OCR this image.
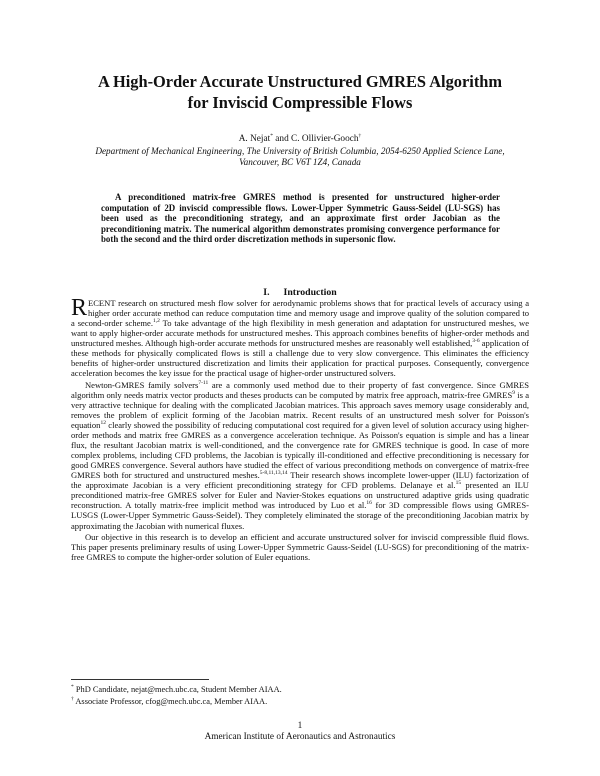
A High-Order Accurate Unstructured GMRES Algorithm
for Inviscid Compressible Flows
A. Nejat* and C. Ollivier-Gooch†
Department of Mechanical Engineering, The University of British Columbia, 2054-6250 Applied Science Lane,
Vancouver, BC V6T 1Z4, Canada
A preconditioned matrix-free GMRES method is presented for unstructured higher-order computation of 2D inviscid compressible flows. Lower-Upper Symmetric Gauss-Seidel (LU-SGS) has been used as the preconditioning strategy, and an approximate first order Jacobian as the preconditioning matrix. The numerical algorithm demonstrates promising convergence performance for both the second and the third order discretization methods in supersonic flow.
I. Introduction

RECENT research on structured mesh flow solver for aerodynamic problems shows that for practical levels of accuracy using a higher order accurate method can reduce computation time and memory usage and improve quality of the solution compared to a second-order scheme.$^{1,2}$ To take advantage of the high flexibility in mesh generation and adaptation for unstructured meshes, we want to apply higher-order accurate methods for unstructured meshes. This approach combines benefits of higher-order methods and unstructured meshes. Although high-order accurate methods for unstructured meshes are reasonably well established,$^{3-6}$ application of these methods for physically complicated flows is still a challenge due to very slow convergence. This eliminates the efficiency benefits of higher-order unstructured discretization and limits their application for practical purposes. Consequently, convergence acceleration becomes the key issue for the practical usage of higher-order unstructured solvers.

Newton-GMRES family solvers$^{7-11}$ are a commonly used method due to their property of fast convergence. Since GMRES algorithm only needs matrix vector products and theses products can be computed by matrix free approach, matrix-free GMRES$^9$ is a very attractive technique for dealing with the complicated Jacobian matrices. This approach saves memory usage considerably and, removes the problem of explicit forming of the Jacobian matrix. Recent results of an unstructured mesh solver for Poisson's equation$^{12}$ clearly showed the possibility of reducing computational cost required for a given level of solution accuracy using higher-order methods and matrix free GMRES as a convergence acceleration technique. As Poisson's equation is simple and has a linear flux, the resultant Jacobian matrix is well-conditioned, and the convergence rate for GMRES technique is good. In case of more complex problems, including CFD problems, the Jacobian is typically ill-conditioned and effective preconditioning is necessary for good GMRES convergence. Several authors have studied the effect of various preconditiong methods on convergence of matrix-free GMRES both for structured and unstructured meshes.$^{5-8,11,13,14}$ Their research shows incomplete lower-upper (ILU) factorization of the approximate Jacobian is a very efficient preconditioning strategy for CFD problems. Delanaye et al.$^{15}$ presented an ILU preconditioned matrix-free GMRES solver for Euler and Navier-Stokes equations on unstructured adaptive grids using quadratic reconstruction. A totally matrix-free implicit method was introduced by Luo et al.$^{16}$ for 3D compressible flows using GMRES-LUSGS (Lower-Upper Symmetric Gauss-Seidel). They completely eliminated the storage of the preconditioning Jacobian matrix by approximating the Jacobian with numerical fluxes.

Our objective in this research is to develop an efficient and accurate unstructured solver for inviscid compressible fluid flows. This paper presents preliminary results of using Lower-Upper Symmetric Gauss-Seidel (LU-SGS) for preconditioning of the matrix-free GMRES to compute the higher-order solution of Euler equations.

* PhD Candidate, nejat@mech.ubc.ca, Student Member AIAA.
† Associate Professor, cfog@mech.ubc.ca, Member AIAA.
1
American Institute of Aeronautics and Astronautics
